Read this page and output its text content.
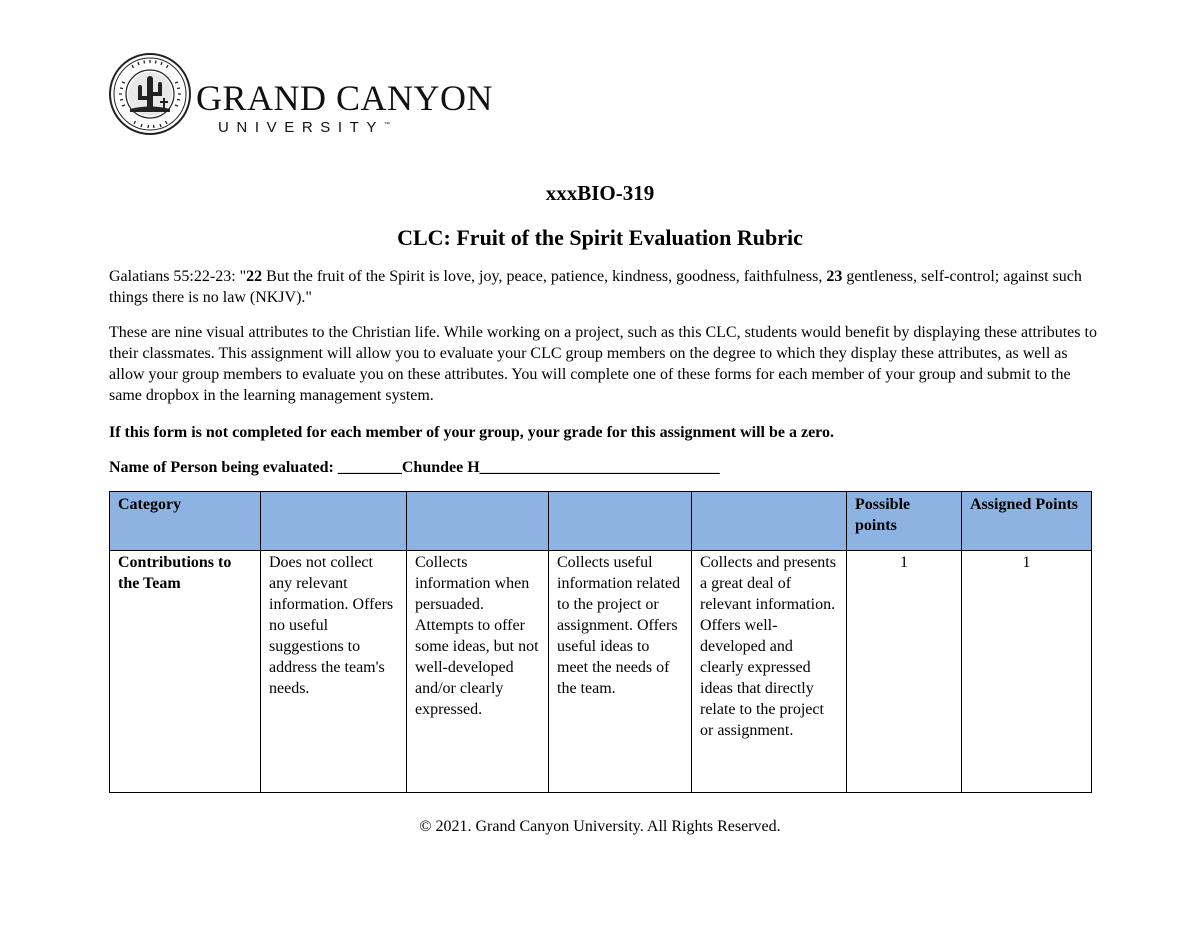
GRAND CANYON
UNIVERSITY™
xxxBIO-319
CLC: Fruit of the Spirit Evaluation Rubric
Galatians 55:22-23: "22 But the fruit of the Spirit is love, joy, peace, patience, kindness, goodness, faithfulness, 23 gentleness, self-control; against such things there is no law (NKJV)."
These are nine visual attributes to the Christian life. While working on a project, such as this CLC, students would benefit by displaying these attributes to their classmates. This assignment will allow you to evaluate your CLC group members on the degree to which they display these attributes, as well as allow your group members to evaluate you on these attributes. You will complete one of these forms for each member of your group and submit to the same dropbox in the learning management system.
If this form is not completed for each member of your group, your grade for this assignment will be a zero.
Name of Person being evaluated: ________Chundee H______________________________
Category					Possible points	Assigned Points
Contributions to the Team	Does not collect any relevant information. Offers no useful suggestions to address the team's needs.	Collects information when persuaded. Attempts to offer some ideas, but not well-developed and/or clearly expressed.	Collects useful information related to the project or assignment. Offers useful ideas to meet the needs of the team.	Collects and presents a great deal of relevant information. Offers well-developed and clearly expressed ideas that directly relate to the project or assignment.	1	1
© 2021. Grand Canyon University. All Rights Reserved.
